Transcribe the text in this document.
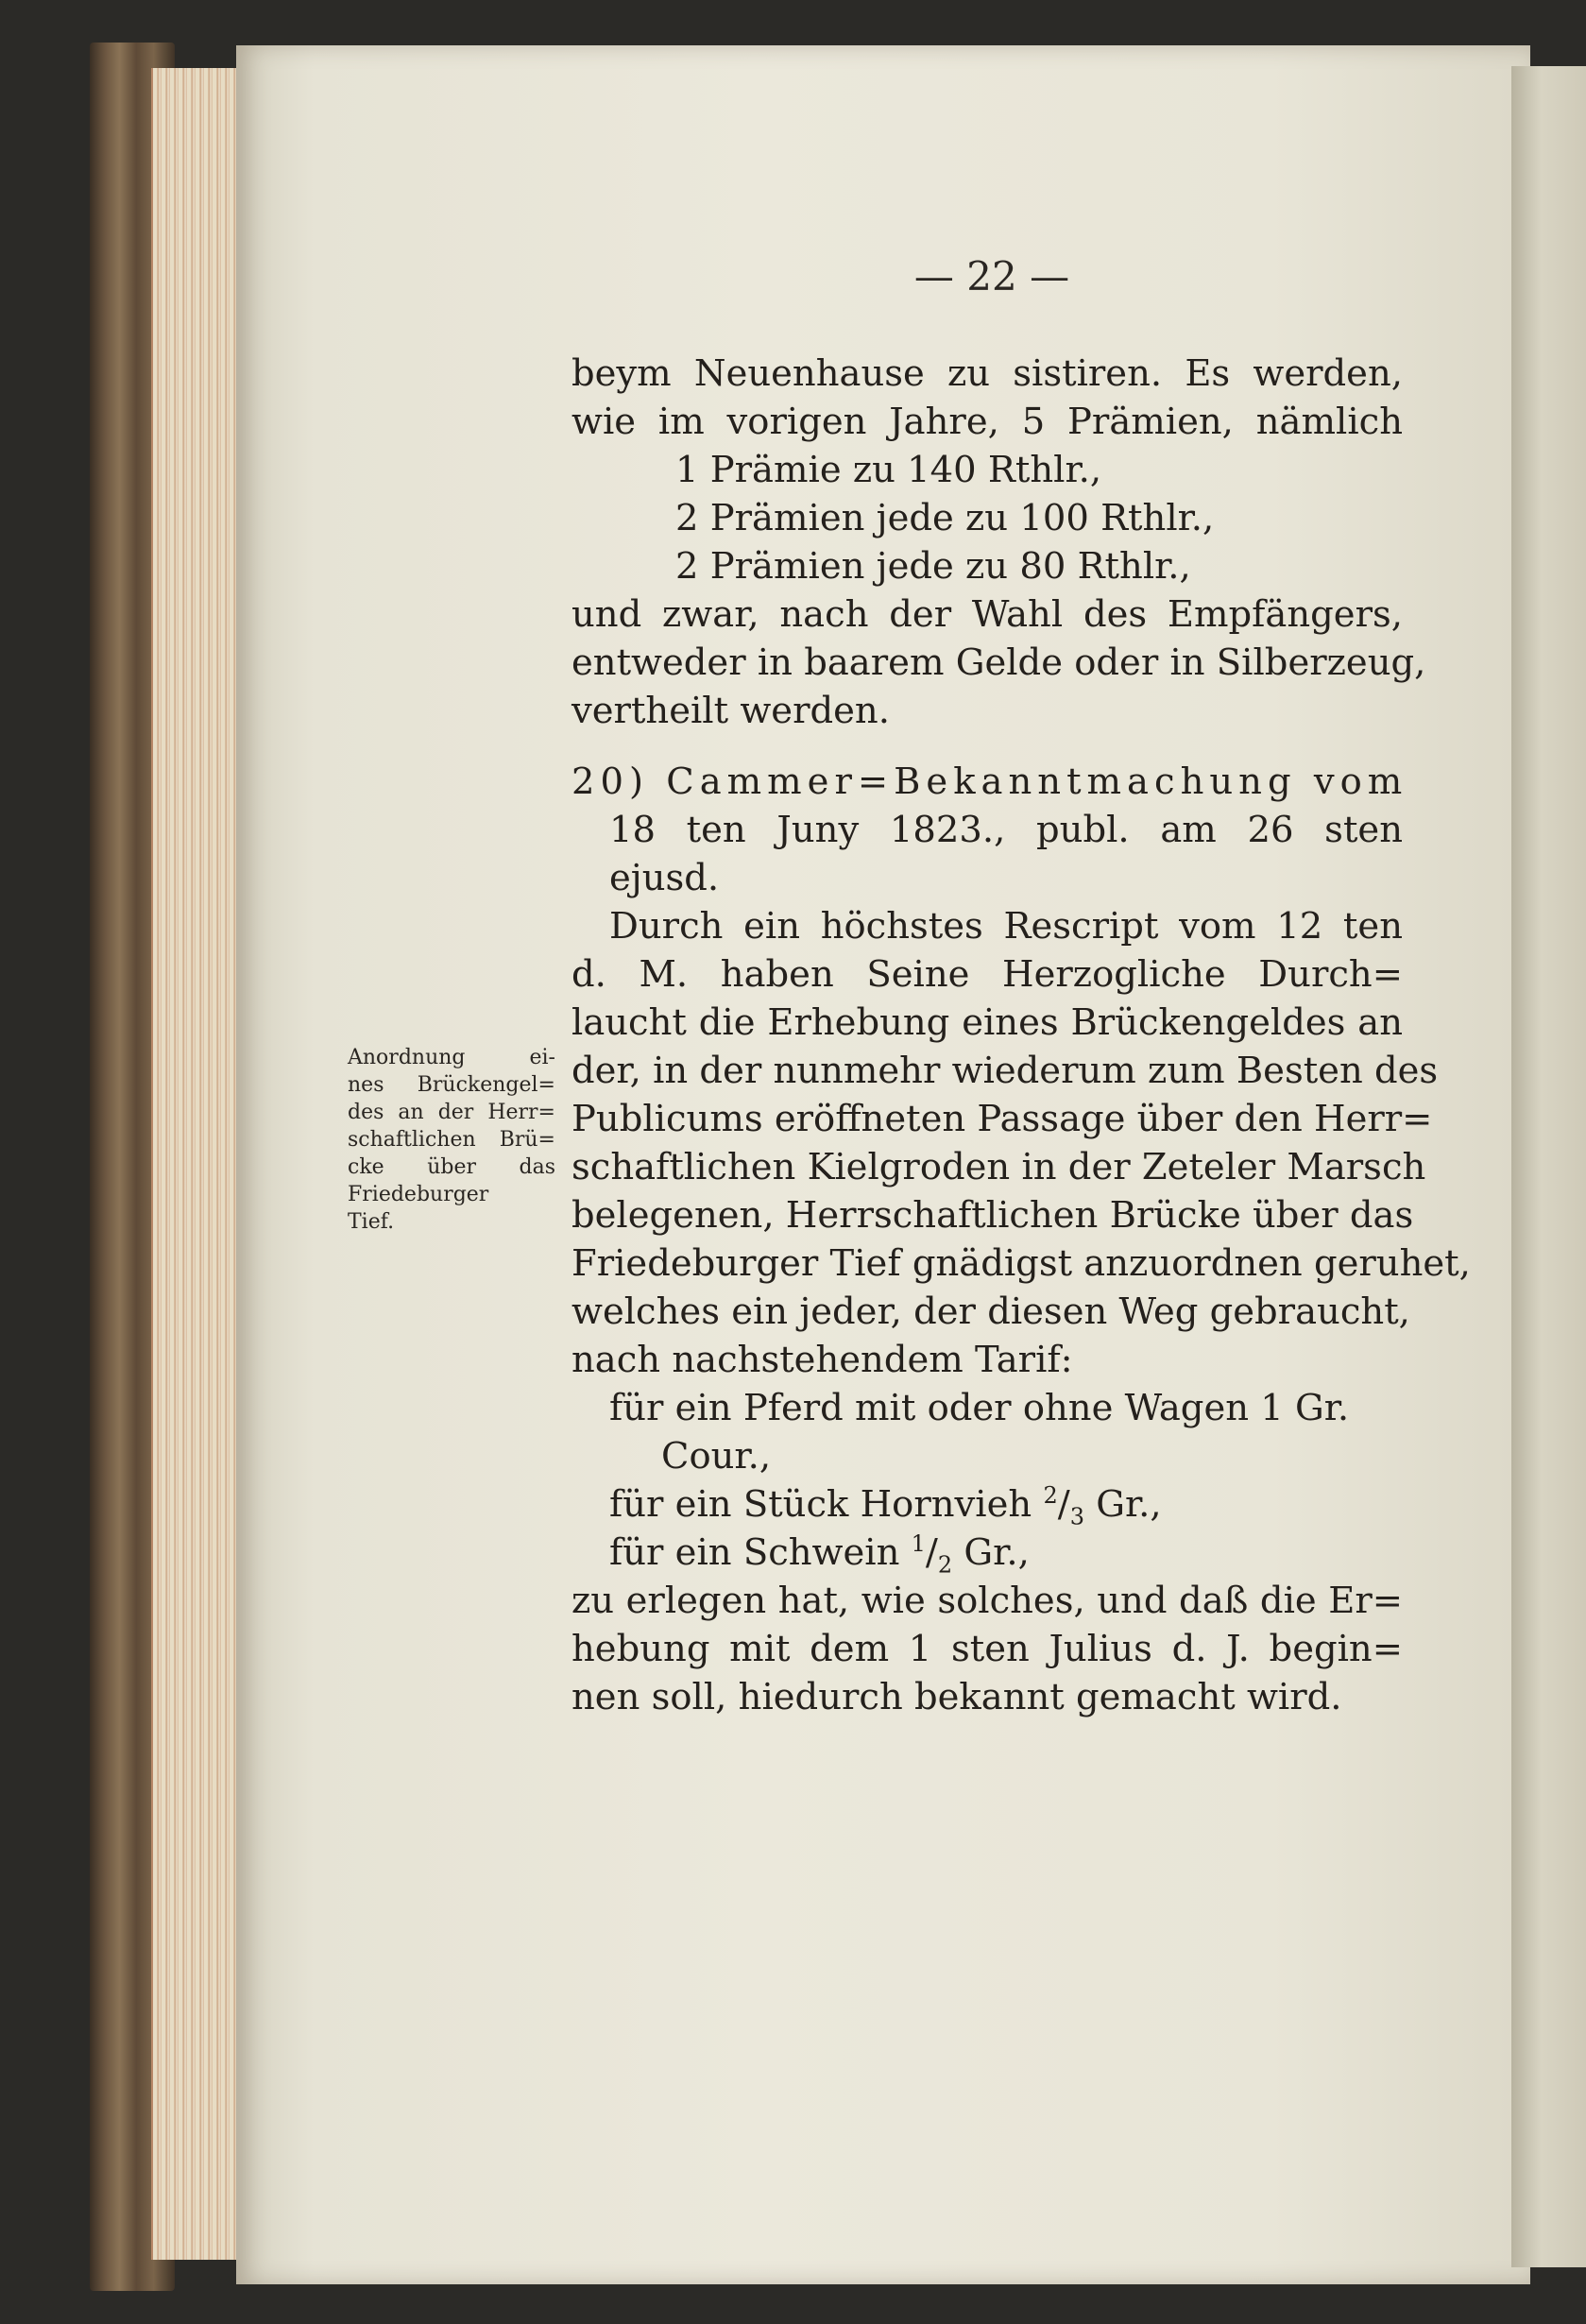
— 22 —
beym Neuenhause zu sistiren. Es werden,
wie im vorigen Jahre, 5 Prämien, nämlich
1 Prämie zu 140 Rthlr.,
2 Prämien jede zu 100 Rthlr.,
2 Prämien jede zu 80 Rthlr.,
und zwar, nach der Wahl des Empfängers,
entweder in baarem Gelde oder in Silberzeug,
vertheilt werden.
20) Cammer=Bekanntmachung vom
18 ten Juny 1823., publ. am 26 sten
ejusd.
Durch ein höchstes Rescript vom 12 ten
d. M. haben Seine Herzogliche Durch=
laucht die Erhebung eines Brückengeldes an
der, in der nunmehr wiederum zum Besten des
Publicums eröffneten Passage über den Herr=
schaftlichen Kielgroden in der Zeteler Marsch
belegenen, Herrschaftlichen Brücke über das
Friedeburger Tief gnädigst anzuordnen geruhet,
welches ein jeder, der diesen Weg gebraucht,
nach nachstehendem Tarif:
für ein Pferd mit oder ohne Wagen 1 Gr.
Cour.,
für ein Stück Hornvieh $^2/_3$ Gr.,
für ein Schwein $^1/_2$ Gr.,
zu erlegen hat, wie solches, und daß die Er=
hebung mit dem 1 sten Julius d. J. begin=
nen soll, hiedurch bekannt gemacht wird.
Anordnung ei-
nes Brückengel=
des an der Herr=
schaftlichen Brü=
cke über das
Friedeburger
Tief.
